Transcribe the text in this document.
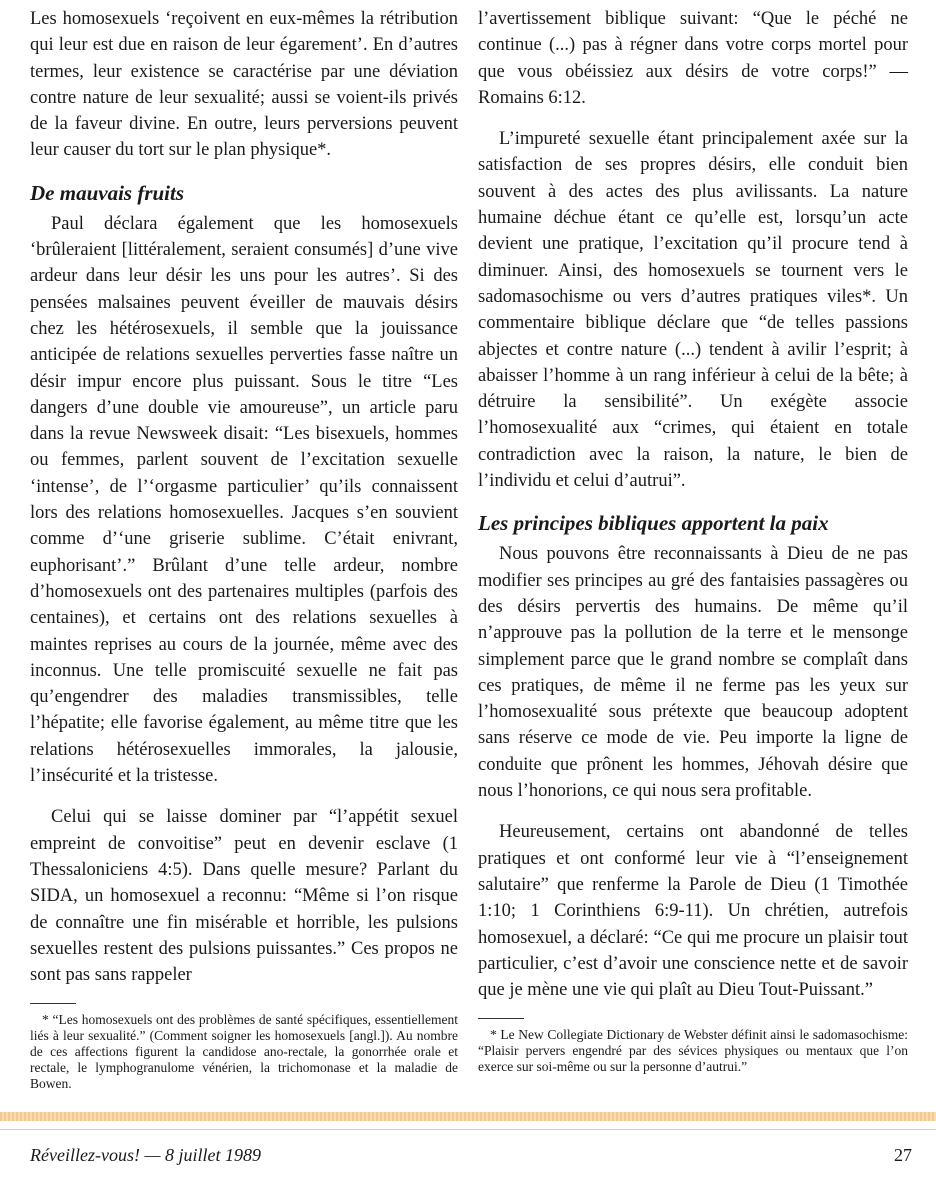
Les homosexuels ‘reçoivent en eux-mêmes la rétribution qui leur est due en raison de leur égarement’. En d’autres termes, leur existence se caractérise par une déviation contre nature de leur sexualité; aussi se voient-ils privés de la faveur divine. En outre, leurs perversions peuvent leur causer du tort sur le plan physique*.

De mauvais fruits

Paul déclara également que les homosexuels ‘brûleraient [littéralement, seraient consumés] d’une vive ardeur dans leur désir les uns pour les autres’. Si des pensées malsaines peuvent éveiller de mauvais désirs chez les hétérosexuels, il semble que la jouissance anticipée de relations sexuelles perverties fasse naître un désir impur encore plus puissant. Sous le titre “Les dangers d’une double vie amoureuse”, un article paru dans la revue Newsweek disait: “Les bisexuels, hommes ou femmes, parlent souvent de l’excitation sexuelle ‘intense’, de l’‘orgasme particulier’ qu’ils connaissent lors des relations homosexuelles. Jacques s’en souvient comme d’‘une griserie sublime. C’était enivrant, euphorisant’.” Brûlant d’une telle ardeur, nombre d’homosexuels ont des partenaires multiples (parfois des centaines), et certains ont des relations sexuelles à maintes reprises au cours de la journée, même avec des inconnus. Une telle promiscuité sexuelle ne fait pas qu’engendrer des maladies transmissibles, telle l’hépatite; elle favorise également, au même titre que les relations hétérosexuelles immorales, la jalousie, l’insécurité et la tristesse.

Celui qui se laisse dominer par “l’appétit sexuel empreint de convoitise” peut en devenir esclave (1 Thessaloniciens 4:5). Dans quelle mesure? Parlant du SIDA, un homosexuel a reconnu: “Même si l’on risque de connaître une fin misérable et horrible, les pulsions sexuelles restent des pulsions puissantes.” Ces propos ne sont pas sans rappeler

* “Les homosexuels ont des problèmes de santé spécifiques, essentiellement liés à leur sexualité.” (Comment soigner les homosexuels [angl.]). Au nombre de ces affections figurent la candidose ano-rectale, la gonorrhée orale et rectale, le lymphogranulome vénérien, la trichomonase et la maladie de Bowen.

l’avertissement biblique suivant: “Que le péché ne continue (...) pas à régner dans votre corps mortel pour que vous obéissiez aux désirs de votre corps!” — Romains 6:12.

L’impureté sexuelle étant principalement axée sur la satisfaction de ses propres désirs, elle conduit bien souvent à des actes des plus avilissants. La nature humaine déchue étant ce qu’elle est, lorsqu’un acte devient une pratique, l’excitation qu’il procure tend à diminuer. Ainsi, des homosexuels se tournent vers le sadomasochisme ou vers d’autres pratiques viles*. Un commentaire biblique déclare que “de telles passions abjectes et contre nature (...) tendent à avilir l’esprit; à abaisser l’homme à un rang inférieur à celui de la bête; à détruire la sensibilité”. Un exégète associe l’homosexualité aux “crimes, qui étaient en totale contradiction avec la raison, la nature, le bien de l’individu et celui d’autrui”.

Les principes bibliques apportent la paix

Nous pouvons être reconnaissants à Dieu de ne pas modifier ses principes au gré des fantaisies passagères ou des désirs pervertis des humains. De même qu’il n’approuve pas la pollution de la terre et le mensonge simplement parce que le grand nombre se complaît dans ces pratiques, de même il ne ferme pas les yeux sur l’homosexualité sous prétexte que beaucoup adoptent sans réserve ce mode de vie. Peu importe la ligne de conduite que prônent les hommes, Jéhovah désire que nous l’honorions, ce qui nous sera profitable.

Heureusement, certains ont abandonné de telles pratiques et ont conformé leur vie à “l’enseignement salutaire” que renferme la Parole de Dieu (1 Timothée 1:10; 1 Corinthiens 6:9-11). Un chrétien, autrefois homosexuel, a déclaré: “Ce qui me procure un plaisir tout particulier, c’est d’avoir une conscience nette et de savoir que je mène une vie qui plaît au Dieu Tout-Puissant.”

* Le New Collegiate Dictionary de Webster définit ainsi le sadomasochisme: “Plaisir pervers engendré par des sévices physiques ou mentaux que l’on exerce sur soi-même ou sur la personne d’autrui.”

Réveillez-vous! — 8 juillet 1989	27
